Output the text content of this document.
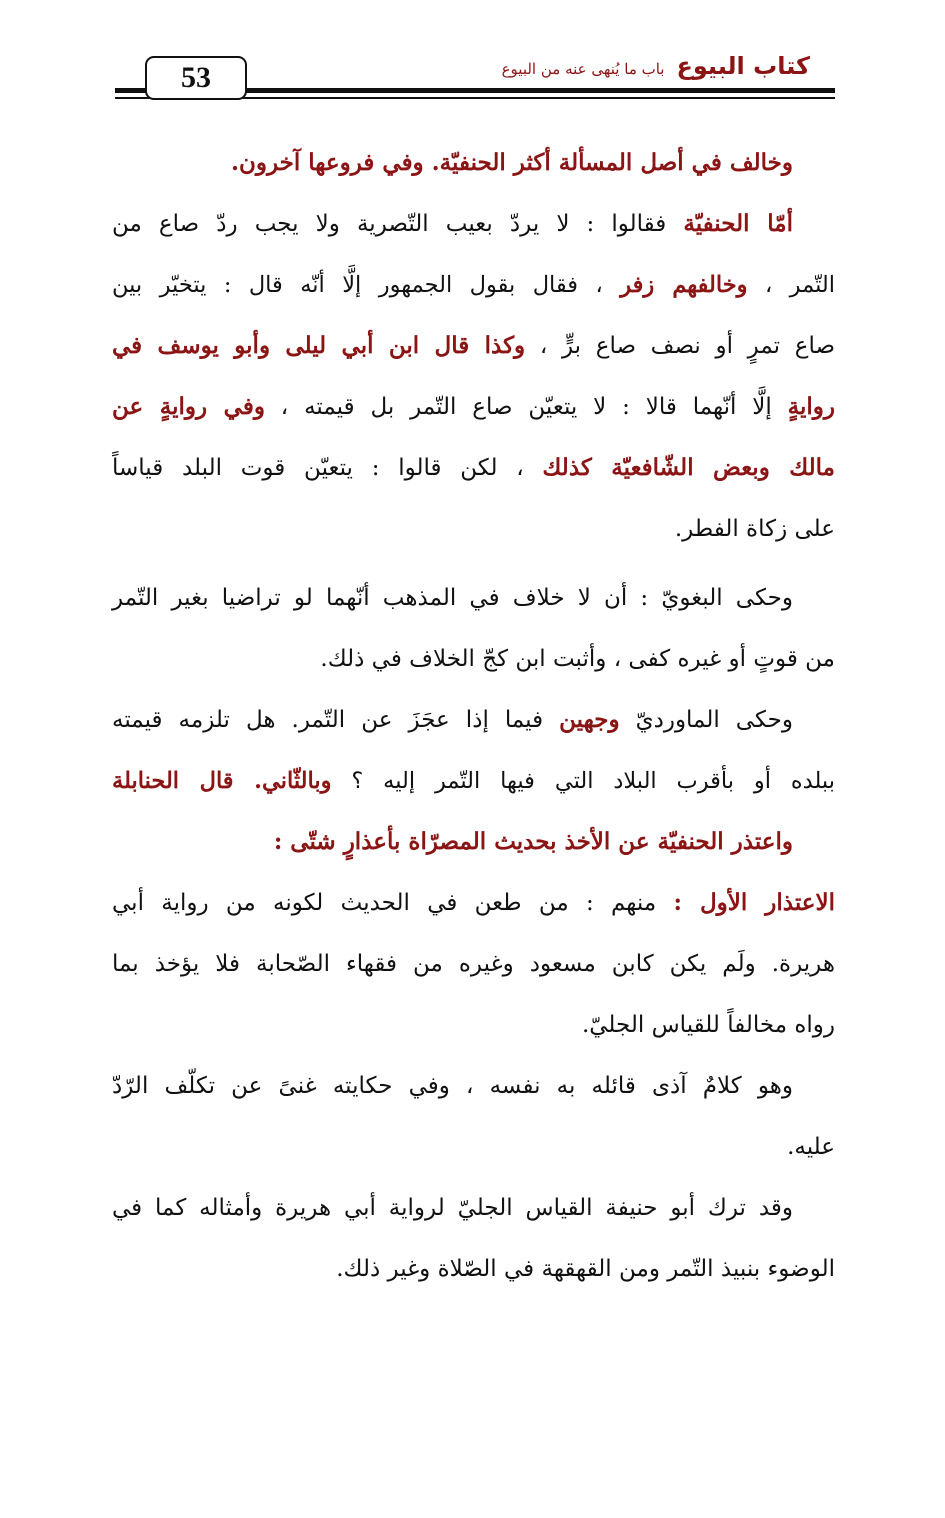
53	كتاب البيوع
باب ما يُنهى عنه من البيوع
وخالف في أصل المسألة أكثر الحنفيّة. وفي فروعها آخرون.
أمّا الحنفيّة فقالوا : لا يردّ بعيب التّصرية ولا يجب ردّ صاع من
التّمر ، وخالفهم زفر ، فقال بقول الجمهور إلَّا أنّه قال : يتخيّر بين
صاع تمرٍ أو نصف صاع برٍّ ، وكذا قال ابن أبي ليلى وأبو يوسف في
روايةٍ إلَّا أنّهما قالا : لا يتعيّن صاع التّمر بل قيمته ، وفي روايةٍ عن
مالك وبعض الشّافعيّة كذلك ، لكن قالوا : يتعيّن قوت البلد قياساً
على زكاة الفطر.
وحكى البغويّ : أن لا خلاف في المذهب أنّهما لو تراضيا بغير التّمر
من قوتٍ أو غيره كفى ، وأثبت ابن كجّ الخلاف في ذلك.
وحكى الماورديّ وجهين فيما إذا عجَزَ عن التّمر. هل تلزمه قيمته
ببلده أو بأقرب البلاد التي فيها التّمر إليه ؟ وبالثّاني. قال الحنابلة
واعتذر الحنفيّة عن الأخذ بحديث المصرّاة بأعذارٍ شتّى :
الاعتذار الأول : منهم : من طعن في الحديث لكونه من رواية أبي
هريرة. ولَم يكن كابن مسعود وغيره من فقهاء الصّحابة فلا يؤخذ بما
رواه مخالفاً للقياس الجليّ.
وهو كلامٌ آذى قائله به نفسه ، وفي حكايته غنىً عن تكلّف الرّدّ
عليه.
وقد ترك أبو حنيفة القياس الجليّ لرواية أبي هريرة وأمثاله كما في
الوضوء بنبيذ التّمر ومن القهقهة في الصّلاة وغير ذلك.
